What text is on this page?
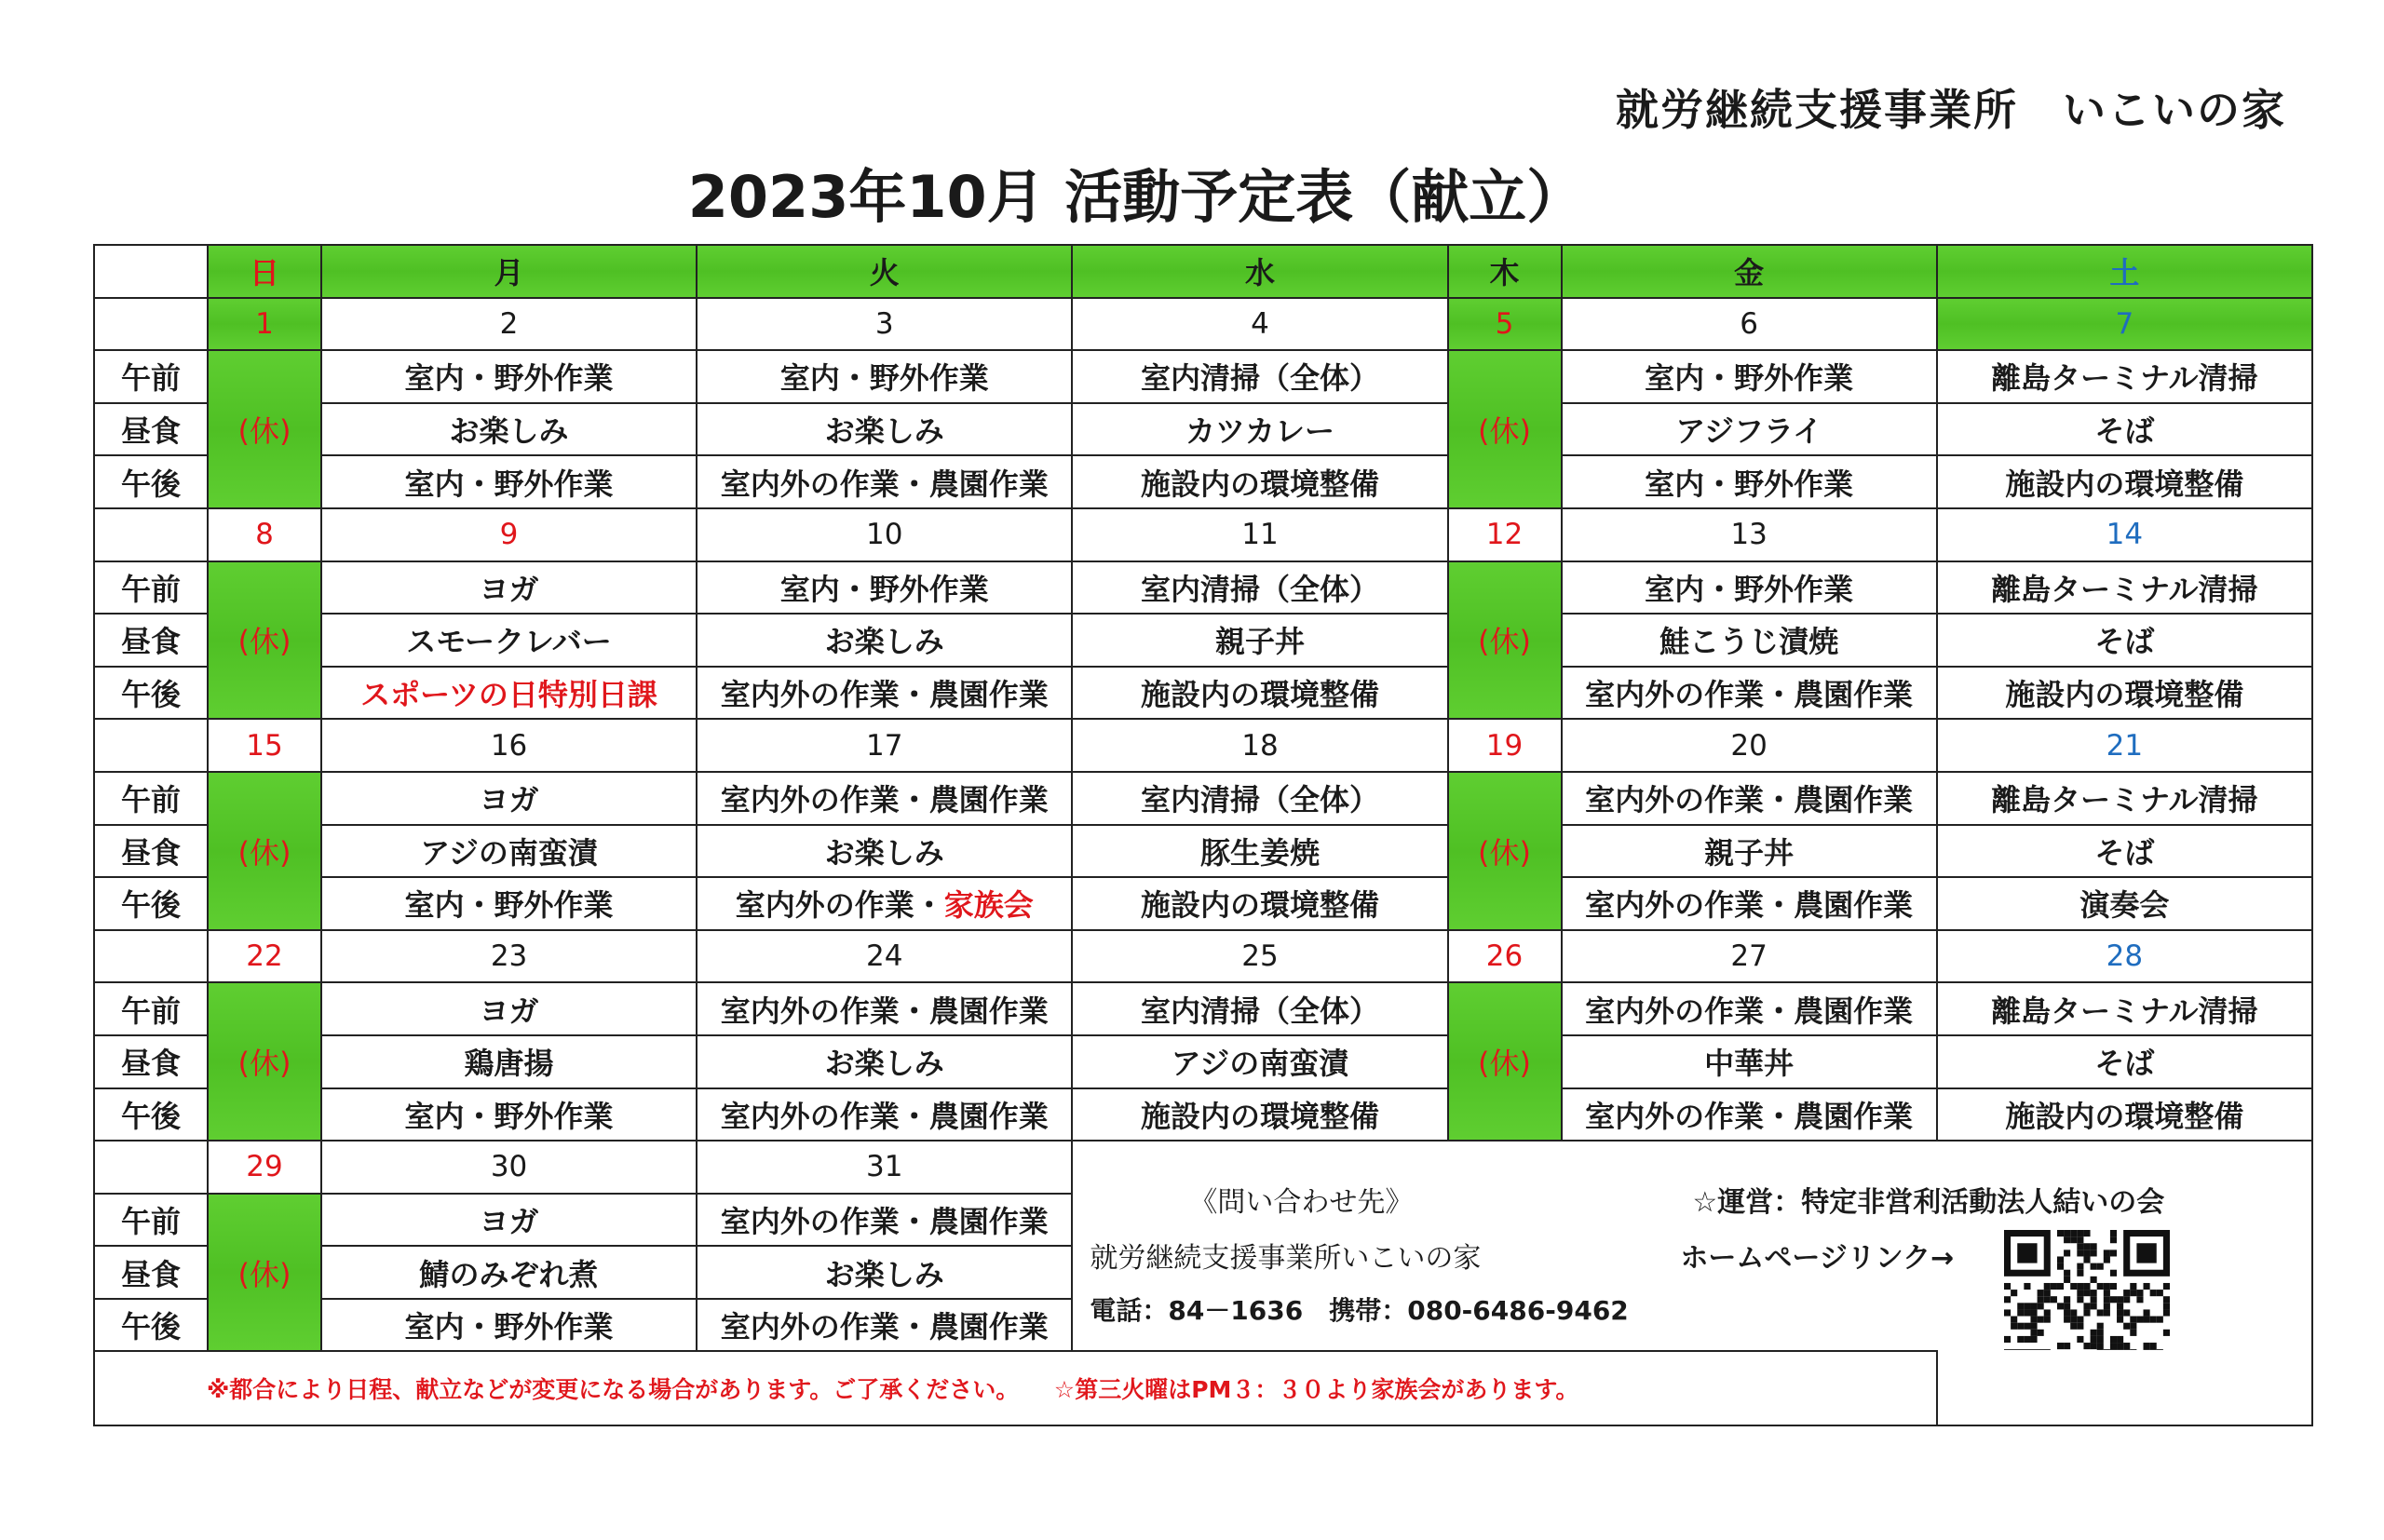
就労継続支援事業所　いこいの家
2023年10月 活動予定表（献立）
	日	月	火	水	木	金	土
	1	2	3	4	5	6	7
午前	(休)	室内・野外作業	室内・野外作業	室内清掃（全体）	(休)	室内・野外作業	離島ターミナル清掃
昼食		お楽しみ	お楽しみ	カツカレー		アジフライ	そば
午後		室内・野外作業	室内外の作業・農園作業	施設内の環境整備		室内・野外作業	施設内の環境整備
	8	9	10	11	12	13	14
午前	(休)	ヨガ	室内・野外作業	室内清掃（全体）	(休)	室内・野外作業	離島ターミナル清掃
昼食		スモークレバー	お楽しみ	親子丼		鮭こうじ漬焼	そば
午後		スポーツの日特別日課	室内外の作業・農園作業	施設内の環境整備		室内外の作業・農園作業	施設内の環境整備
	15	16	17	18	19	20	21
午前	(休)	ヨガ	室内外の作業・農園作業	室内清掃（全体）	(休)	室内外の作業・農園作業	離島ターミナル清掃
昼食		アジの南蛮漬	お楽しみ	豚生姜焼		親子丼	そば
午後		室内・野外作業	室内外の作業・家族会	施設内の環境整備		室内外の作業・農園作業	演奏会
	22	23	24	25	26	27	28
午前	(休)	ヨガ	室内外の作業・農園作業	室内清掃（全体）	(休)	室内外の作業・農園作業	離島ターミナル清掃
昼食		鶏唐揚	お楽しみ	アジの南蛮漬		中華丼	そば
午後		室内・野外作業	室内外の作業・農園作業	施設内の環境整備		室内外の作業・農園作業	施設内の環境整備
	29	30	31	《問い合わせ先》
就労継続支援事業所いこいの家
電話：84－1636　携帯：080-6486-9462
☆運営：特定非営利活動法人結いの会
ホームページリンク→			

午前	(休)	ヨガ	室内外の作業・農園作業				
昼食		鯖のみぞれ煮	お楽しみ				
午後		室内・野外作業	室内外の作業・農園作業				
※都合により日程、献立などが変更になる場合があります。ご了承ください。　　☆第三火曜はPM３：３０より家族会があります。							
